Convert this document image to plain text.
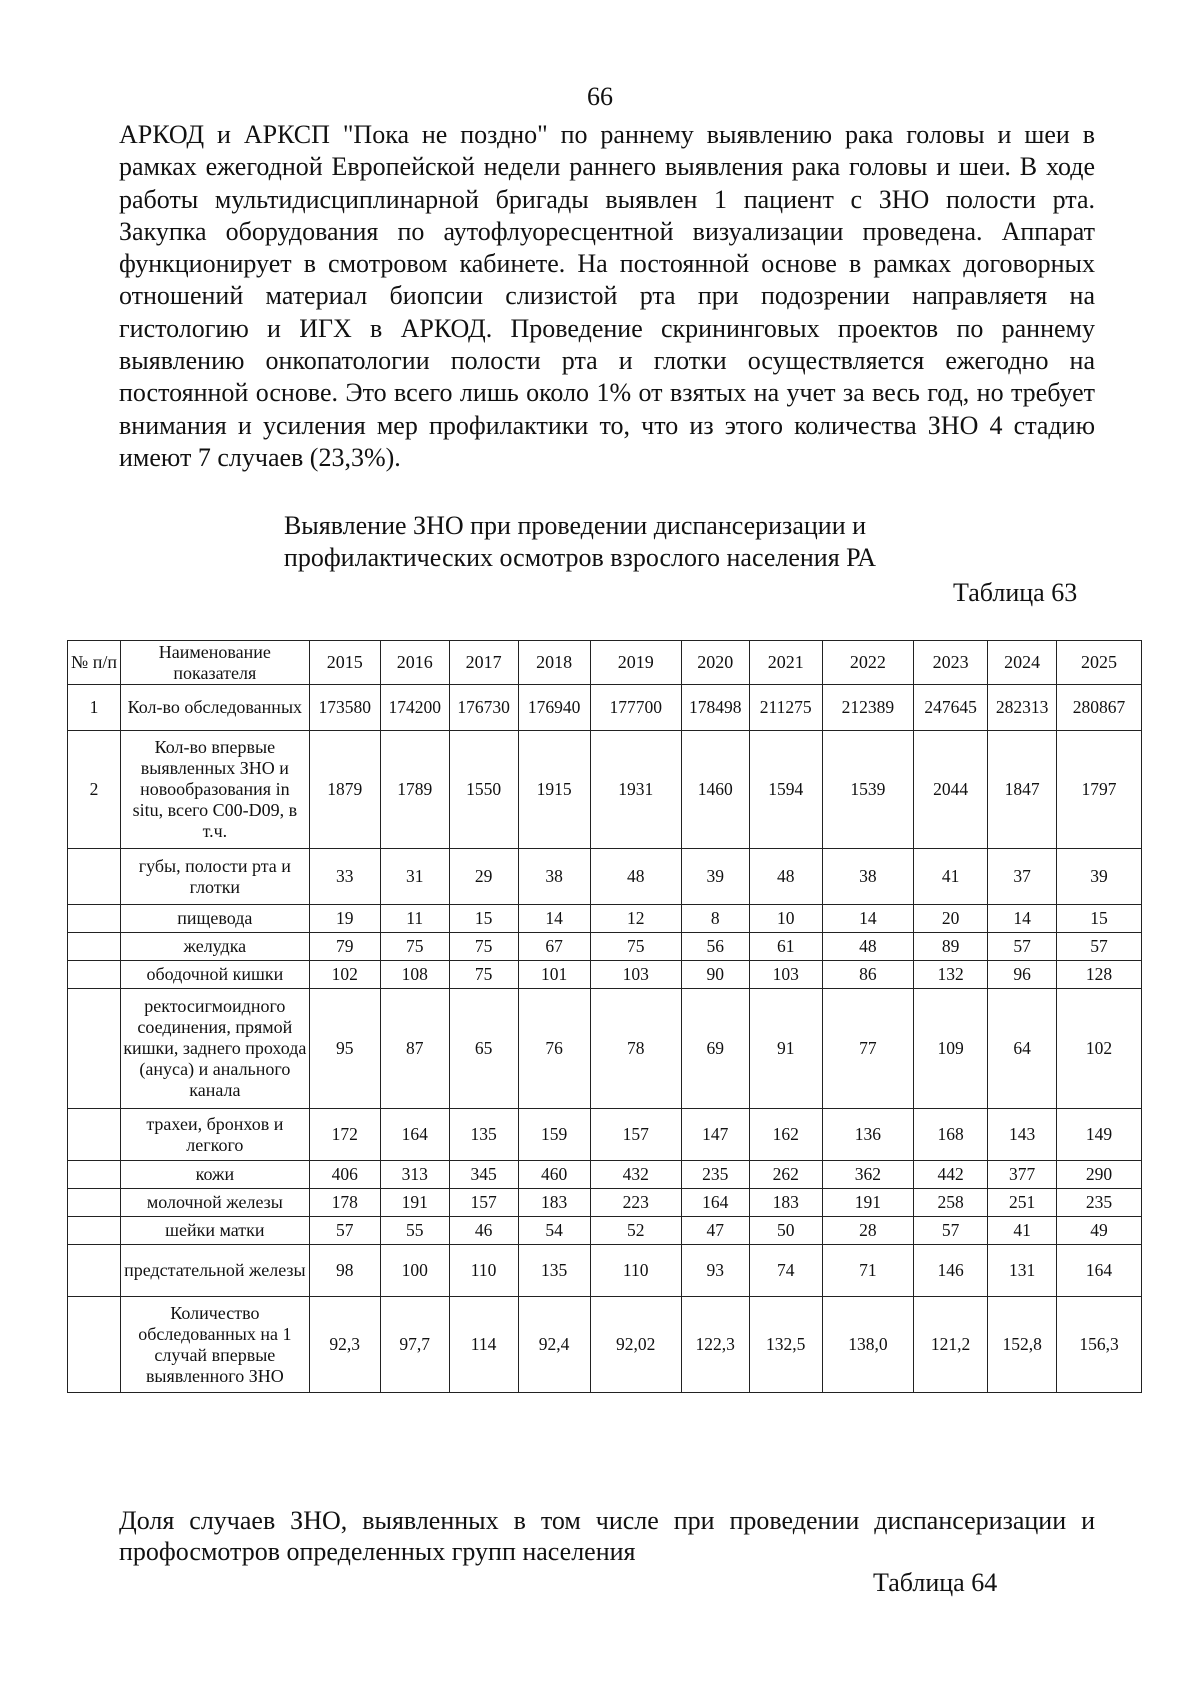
66

АРКОД и АРКСП "Пока не поздно" по раннему выявлению рака головы и шеи в рамках ежегодной Европейской недели раннего выявления рака головы и шеи. В ходе работы мультидисциплинарной бригады выявлен 1 пациент с ЗНО полости рта. Закупка оборудования по аутофлуоресцентной визуализации проведена. Аппарат функционирует в смотровом кабинете. На постоянной основе в рамках договорных отношений материал биопсии слизистой рта при подозрении направляетя на гистологию и ИГХ в АРКОД. Проведение скрининговых проектов по раннему выявлению онкопатологии полости рта и глотки осуществляется ежегодно на постоянной основе. Это всего лишь около 1% от взятых на учет за весь год, но требует внимания и усиления мер профилактики то, что из этого количества ЗНО 4 стадию имеют 7 случаев (23,3%).

Выявление ЗНО при проведении диспансеризации и
профилактических осмотров взрослого населения РА
Таблица 63
№ п/п	Наименование показателя	2015	2016	2017	2018	2019	2020	2021	2022	2023	2024	2025
1	Кол-во обследованных	173580	174200	176730	176940	177700	178498	211275	212389	247645	282313	280867
2	Кол-во впервые выявленных ЗНО и новообразования in situ, всего С00-D09, в т.ч.	1879	1789	1550	1915	1931	1460	1594	1539	2044	1847	1797
	губы, полости рта и глотки	33	31	29	38	48	39	48	38	41	37	39
	пищевода	19	11	15	14	12	8	10	14	20	14	15
	желудка	79	75	75	67	75	56	61	48	89	57	57
	ободочной кишки	102	108	75	101	103	90	103	86	132	96	128
	ректосигмоидного соединения, прямой кишки, заднего прохода (ануса) и анального канала	95	87	65	76	78	69	91	77	109	64	102
	трахеи, бронхов и легкого	172	164	135	159	157	147	162	136	168	143	149
	кожи	406	313	345	460	432	235	262	362	442	377	290
	молочной железы	178	191	157	183	223	164	183	191	258	251	235
	шейки матки	57	55	46	54	52	47	50	28	57	41	49
	предстательной железы	98	100	110	135	110	93	74	71	146	131	164
	Количество обследованных на 1 случай впервые выявленного ЗНО	92,3	97,7	114	92,4	92,02	122,3	132,5	138,0	121,2	152,8	156,3

Доля случаев ЗНО, выявленных в том числе при проведении диспансеризации и профосмотров определенных групп населения

Таблица 64
